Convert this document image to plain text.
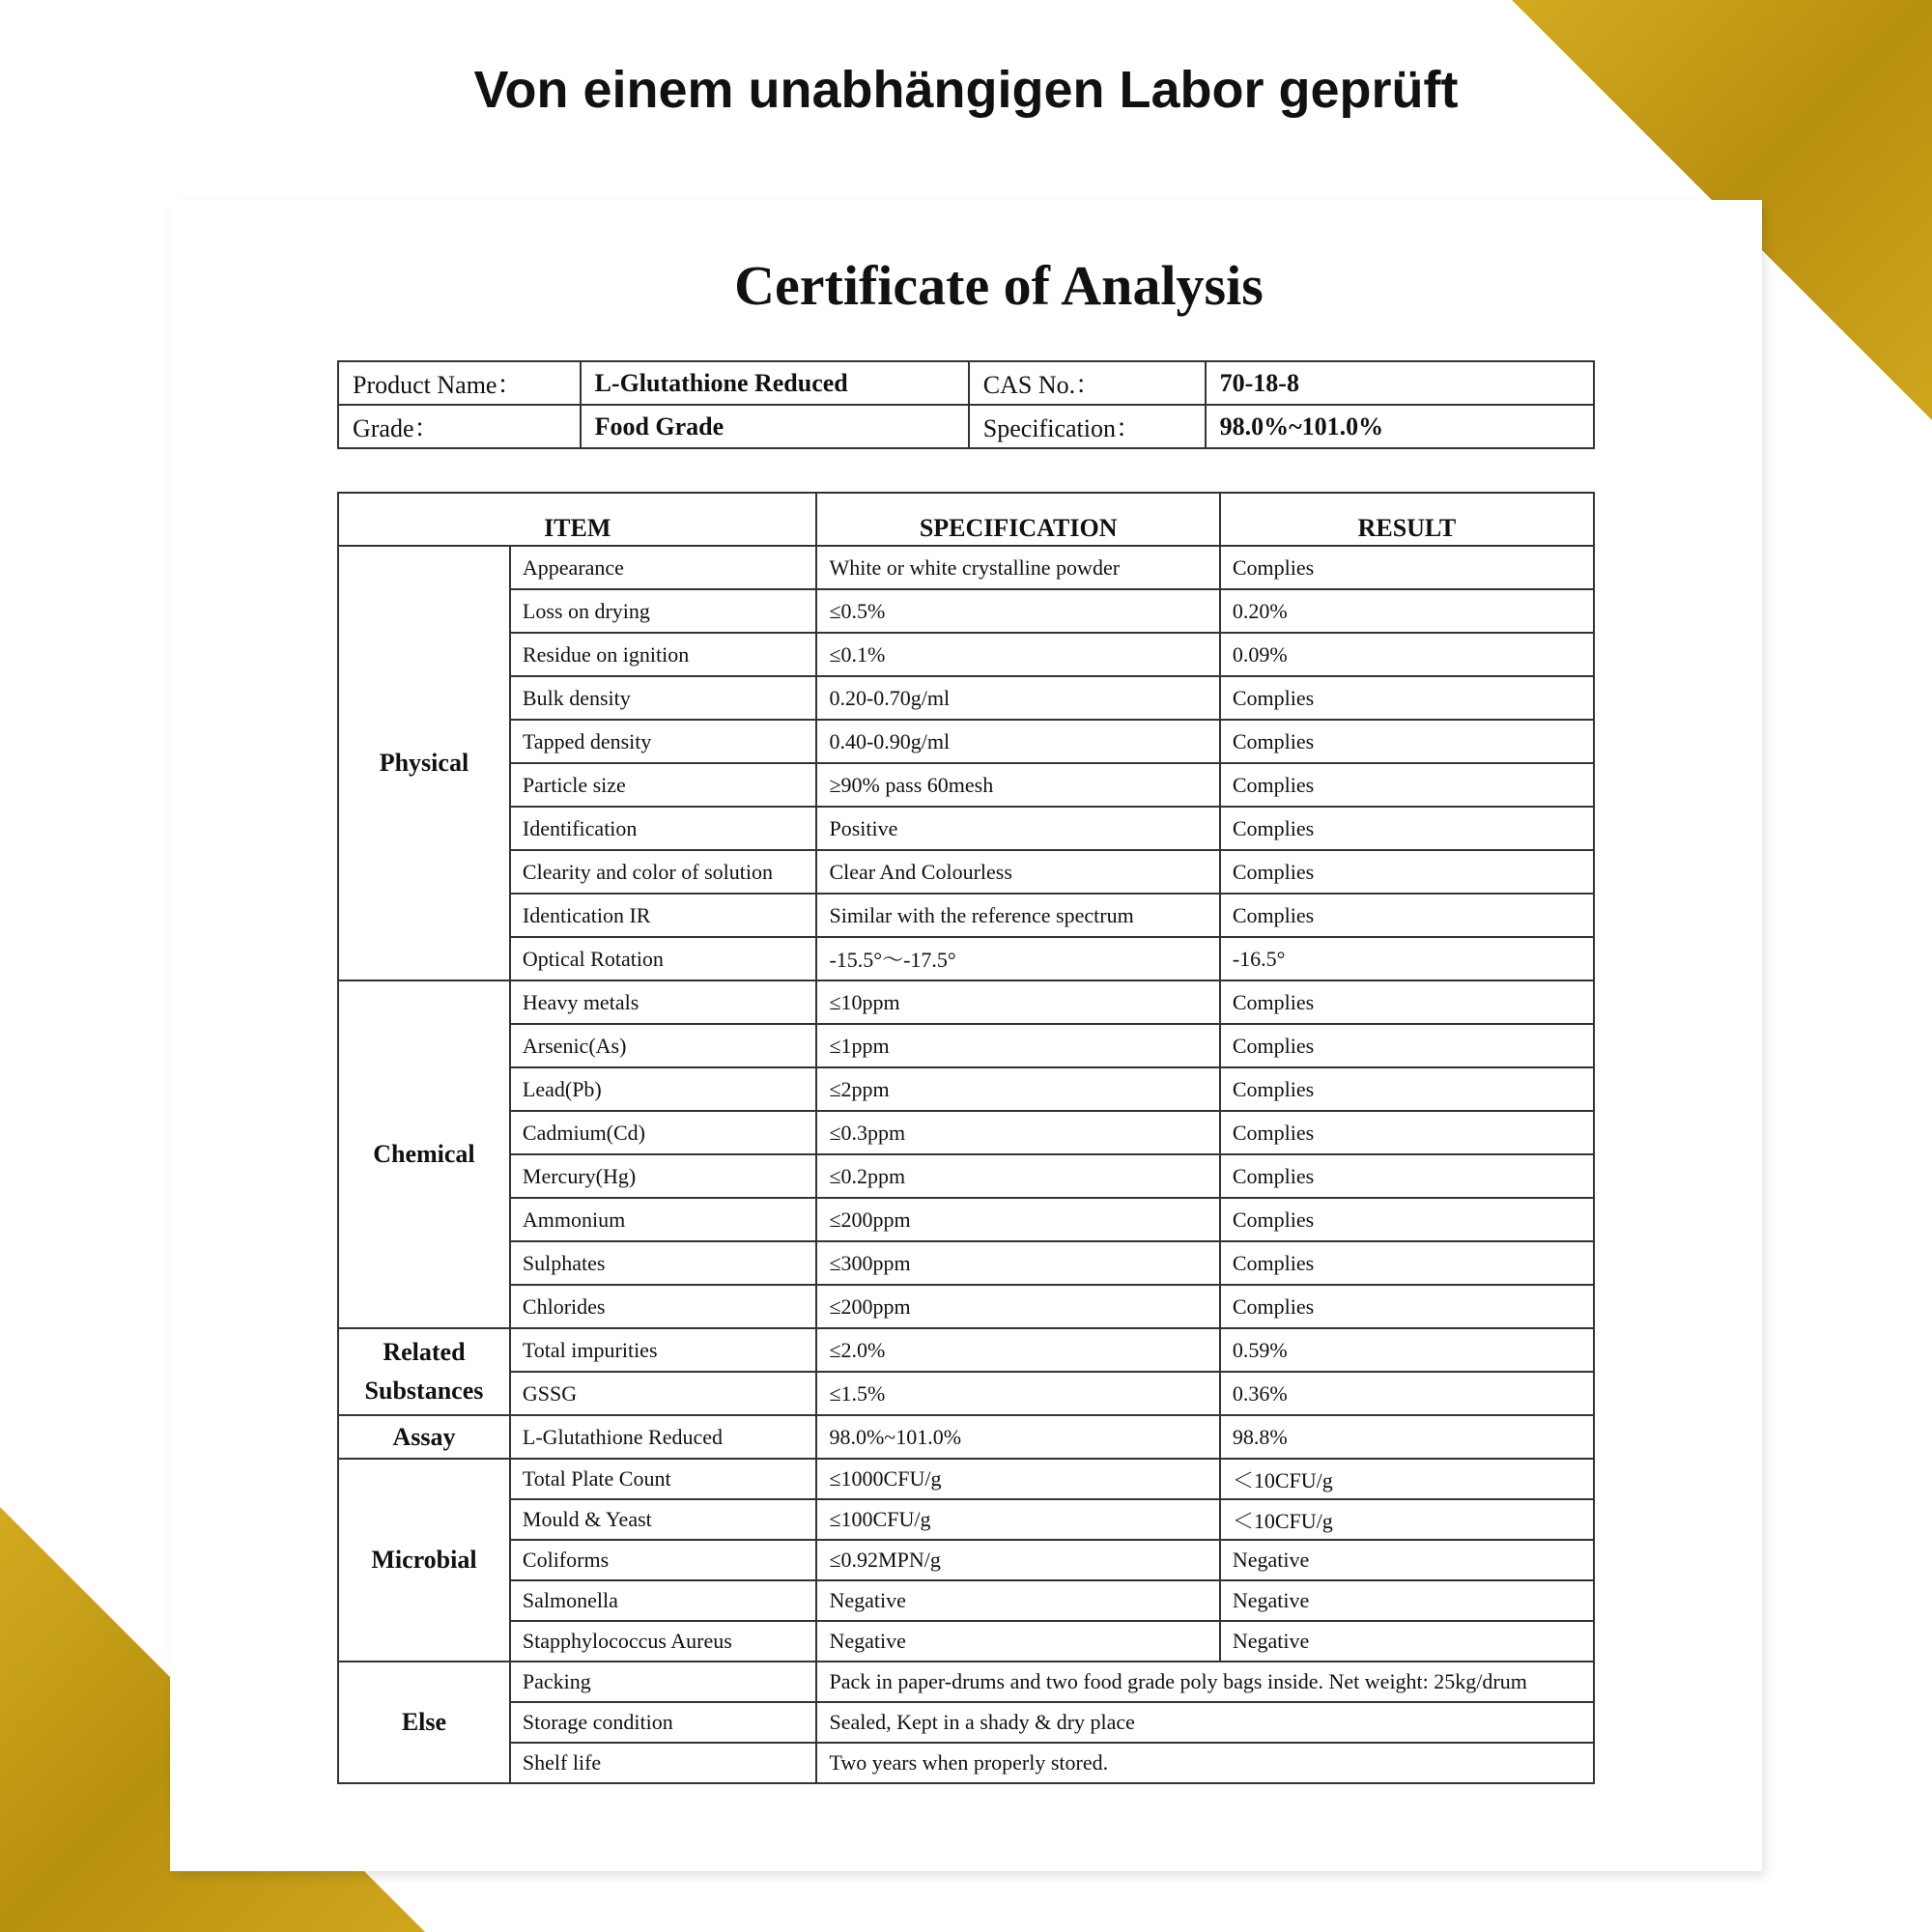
Von einem unabhängigen Labor geprüft
Certificate of Analysis
Product Name：	L-Glutathione Reduced	CAS No.：	70-18-8
Grade：	Food Grade	Specification：	98.0%~101.0%
ITEM		SPECIFICATION	RESULT
Physical	Appearance	White or white crystalline powder	Complies
	Loss on drying	≤0.5%	0.20%
	Residue on ignition	≤0.1%	0.09%
	Bulk density	0.20-0.70g/ml	Complies
	Tapped density	0.40-0.90g/ml	Complies
	Particle size	≥90% pass 60mesh	Complies
	Identification	Positive	Complies
	Clearity and color of solution	Clear And Colourless	Complies
	Identication IR	Similar with the reference spectrum	Complies
	Optical Rotation	-15.5°～-17.5°	-16.5°
Chemical	Heavy metals	≤10ppm	Complies
	Arsenic(As)	≤1ppm	Complies
	Lead(Pb)	≤2ppm	Complies
	Cadmium(Cd)	≤0.3ppm	Complies
	Mercury(Hg)	≤0.2ppm	Complies
	Ammonium	≤200ppm	Complies
	Sulphates	≤300ppm	Complies
	Chlorides	≤200ppm	Complies
Related Substances	Total impurities	≤2.0%	0.59%
	GSSG	≤1.5%	0.36%
Assay	L-Glutathione Reduced	98.0%~101.0%	98.8%
Microbial	Total Plate Count	≤1000CFU/g	＜10CFU/g
	Mould & Yeast	≤100CFU/g	＜10CFU/g
	Coliforms	≤0.92MPN/g	Negative
	Salmonella	Negative	Negative
	Stapphylococcus Aureus	Negative	Negative
Else	Packing	Pack in paper-drums and two food grade poly bags inside. Net weight: 25kg/drum	
	Storage condition	Sealed, Kept in a shady & dry place	
	Shelf life	Two years when properly stored.	
